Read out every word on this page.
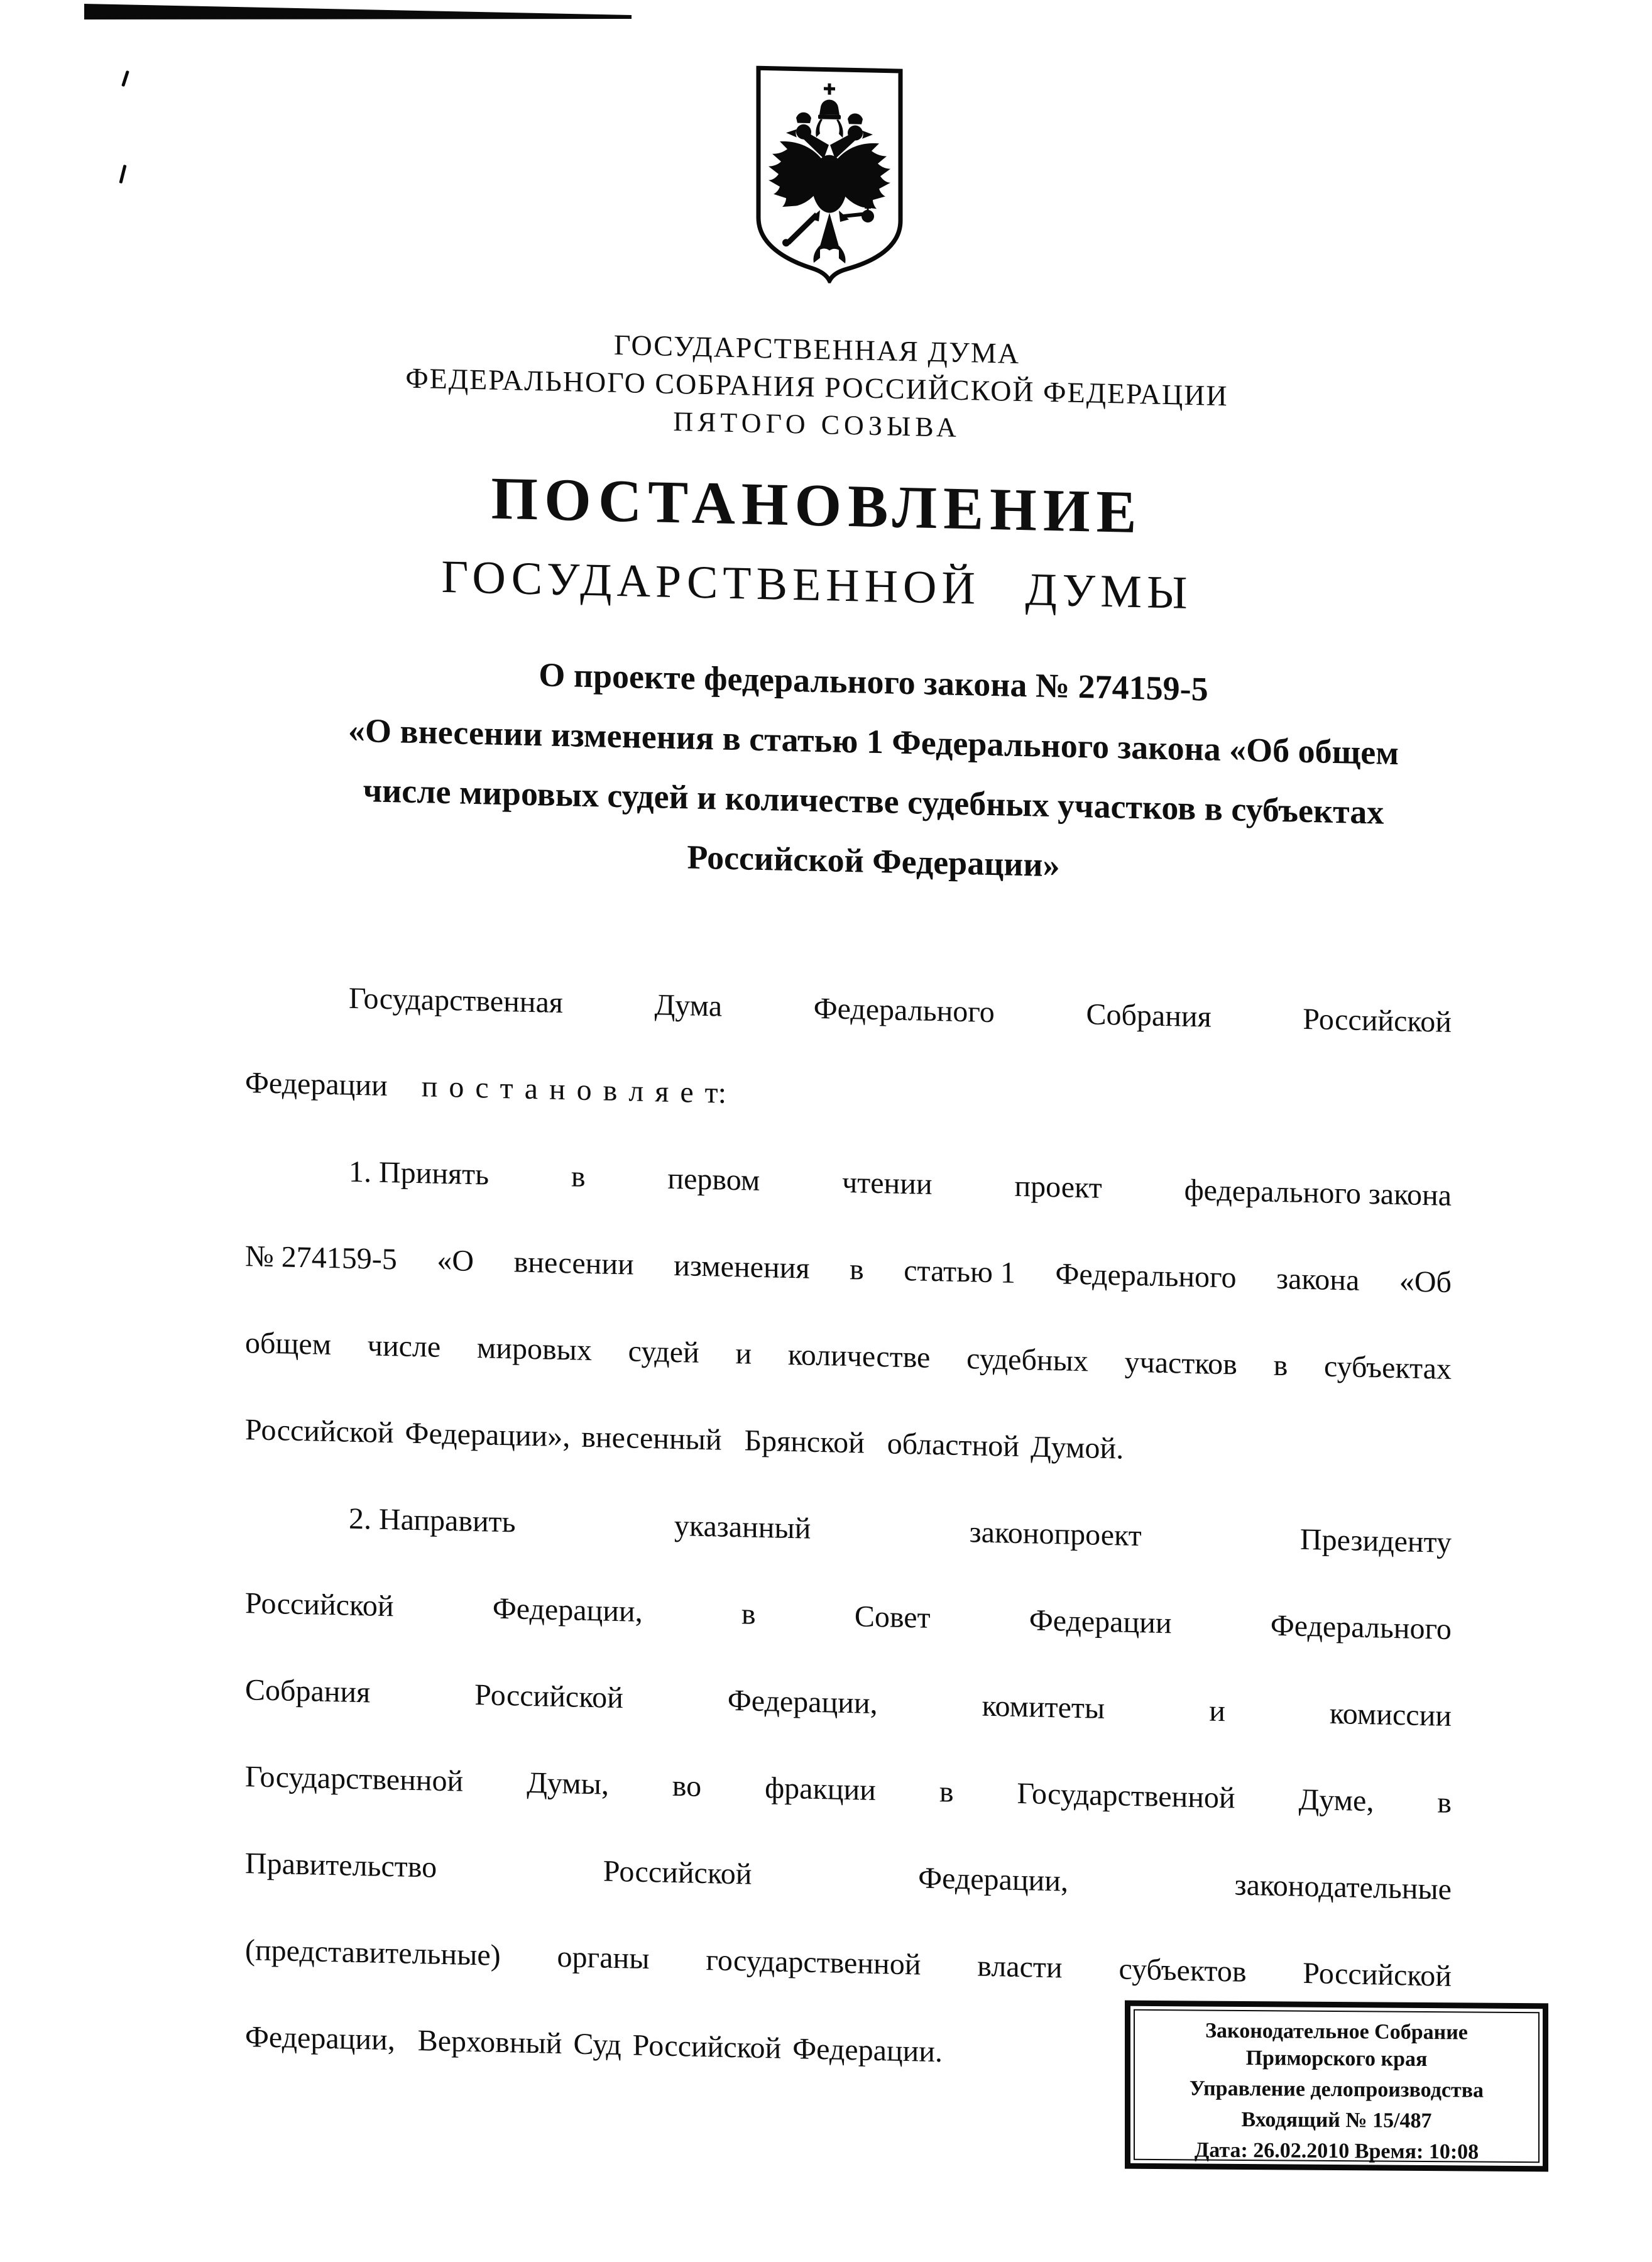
ГОСУДАРСТВЕННАЯ ДУМА
ФЕДЕРАЛЬНОГО СОБРАНИЯ РОССИЙСКОЙ ФЕДЕРАЦИИ
ПЯТОГО СОЗЫВА
ПОСТАНОВЛЕНИЕ
ГОСУДАРСТВЕННОЙ ДУМЫ
О проекте федерального закона № 274159-5
«О внесении изменения в статью 1 Федерального закона «Об общем
числе мировых судей и количестве судебных участков в субъектах
Российской Федерации»
Государственная	Дума	Федерального	Собрания	Российской
Федерации   п о с т а н о в л я е т:
1. Принять	в	первом	чтении	проект	федерального закона
№ 274159-5 «О внесении изменения в статью 1 Федерального закона «Об
общем числе мировых судей и количестве судебных участков в субъектах
Российской Федерации», внесенный  Брянской  областной Думой.
2. Направить	указанный	законопроект	Президенту
Российской	Федерации,	в	Совет	Федерации	Федерального
Собрания	Российской	Федерации,	комитеты	и	комиссии
Государственной Думы, во фракции в Государственной Думе, в
Правительство	Российской	Федерации,	законодательные
(представительные) органы государственной власти субъектов Российской
Федерации,  Верховный Суд Российской Федерации.	Законодательное Собрание
Приморского края
Управление делопроизводства
Входящий № 15/487
Дата: 26.02.2010 Время: 10:08
